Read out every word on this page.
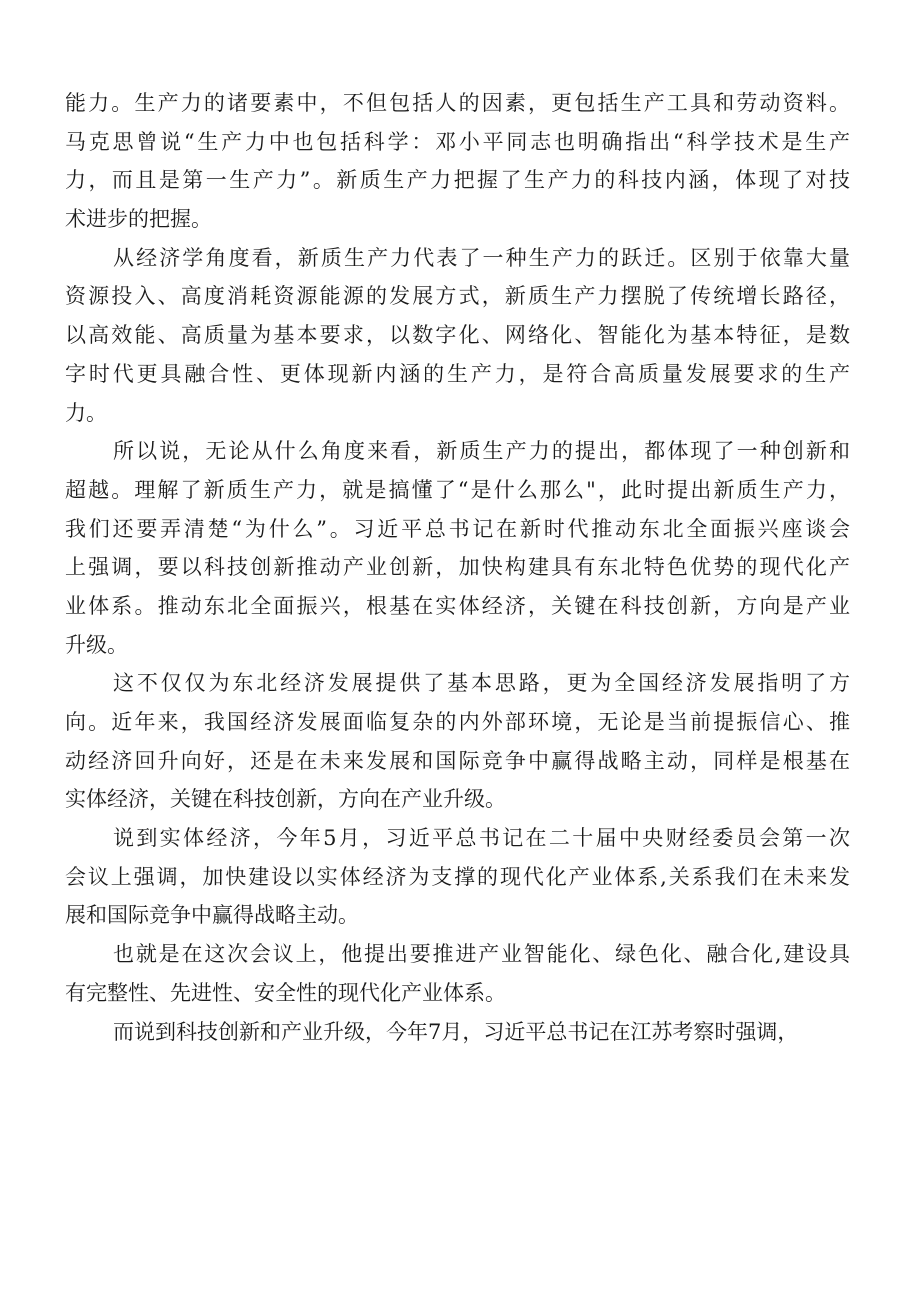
能力。生产力的诸要素中，不但包括人的因素，更包括生产工具和劳动资料。
马克思曾说“生产力中也包括科学：邓小平同志也明确指出“科学技术是生产
力，而且是第一生产力”。新质生产力把握了生产力的科技内涵，体现了对技
术进步的把握。
从经济学角度看，新质生产力代表了一种生产力的跃迁。区别于依靠大量
资源投入、高度消耗资源能源的发展方式，新质生产力摆脱了传统增长路径，
以高效能、高质量为基本要求，以数字化、网络化、智能化为基本特征，是数
字时代更具融合性、更体现新内涵的生产力，是符合高质量发展要求的生产
力。
所以说，无论从什么角度来看，新质生产力的提出，都体现了一种创新和
超越。理解了新质生产力，就是搞懂了“是什么那么"，此时提出新质生产力，
我们还要弄清楚“为什么”。习近平总书记在新时代推动东北全面振兴座谈会
上强调，要以科技创新推动产业创新，加快构建具有东北特色优势的现代化产
业体系。推动东北全面振兴，根基在实体经济，关键在科技创新，方向是产业
升级。
这不仅仅为东北经济发展提供了基本思路，更为全国经济发展指明了方
向。近年来，我国经济发展面临复杂的内外部环境，无论是当前提振信心、推
动经济回升向好，还是在未来发展和国际竞争中赢得战略主动，同样是根基在
实体经济，关键在科技创新，方向在产业升级。
说到实体经济，今年5月，习近平总书记在二十届中央财经委员会第一次
会议上强调，加快建设以实体经济为支撑的现代化产业体系,关系我们在未来发
展和国际竞争中赢得战略主动。
也就是在这次会议上，他提出要推进产业智能化、绿色化、融合化,建设具
有完整性、先进性、安全性的现代化产业体系。
而说到科技创新和产业升级，今年7月，习近平总书记在江苏考察时强调，
